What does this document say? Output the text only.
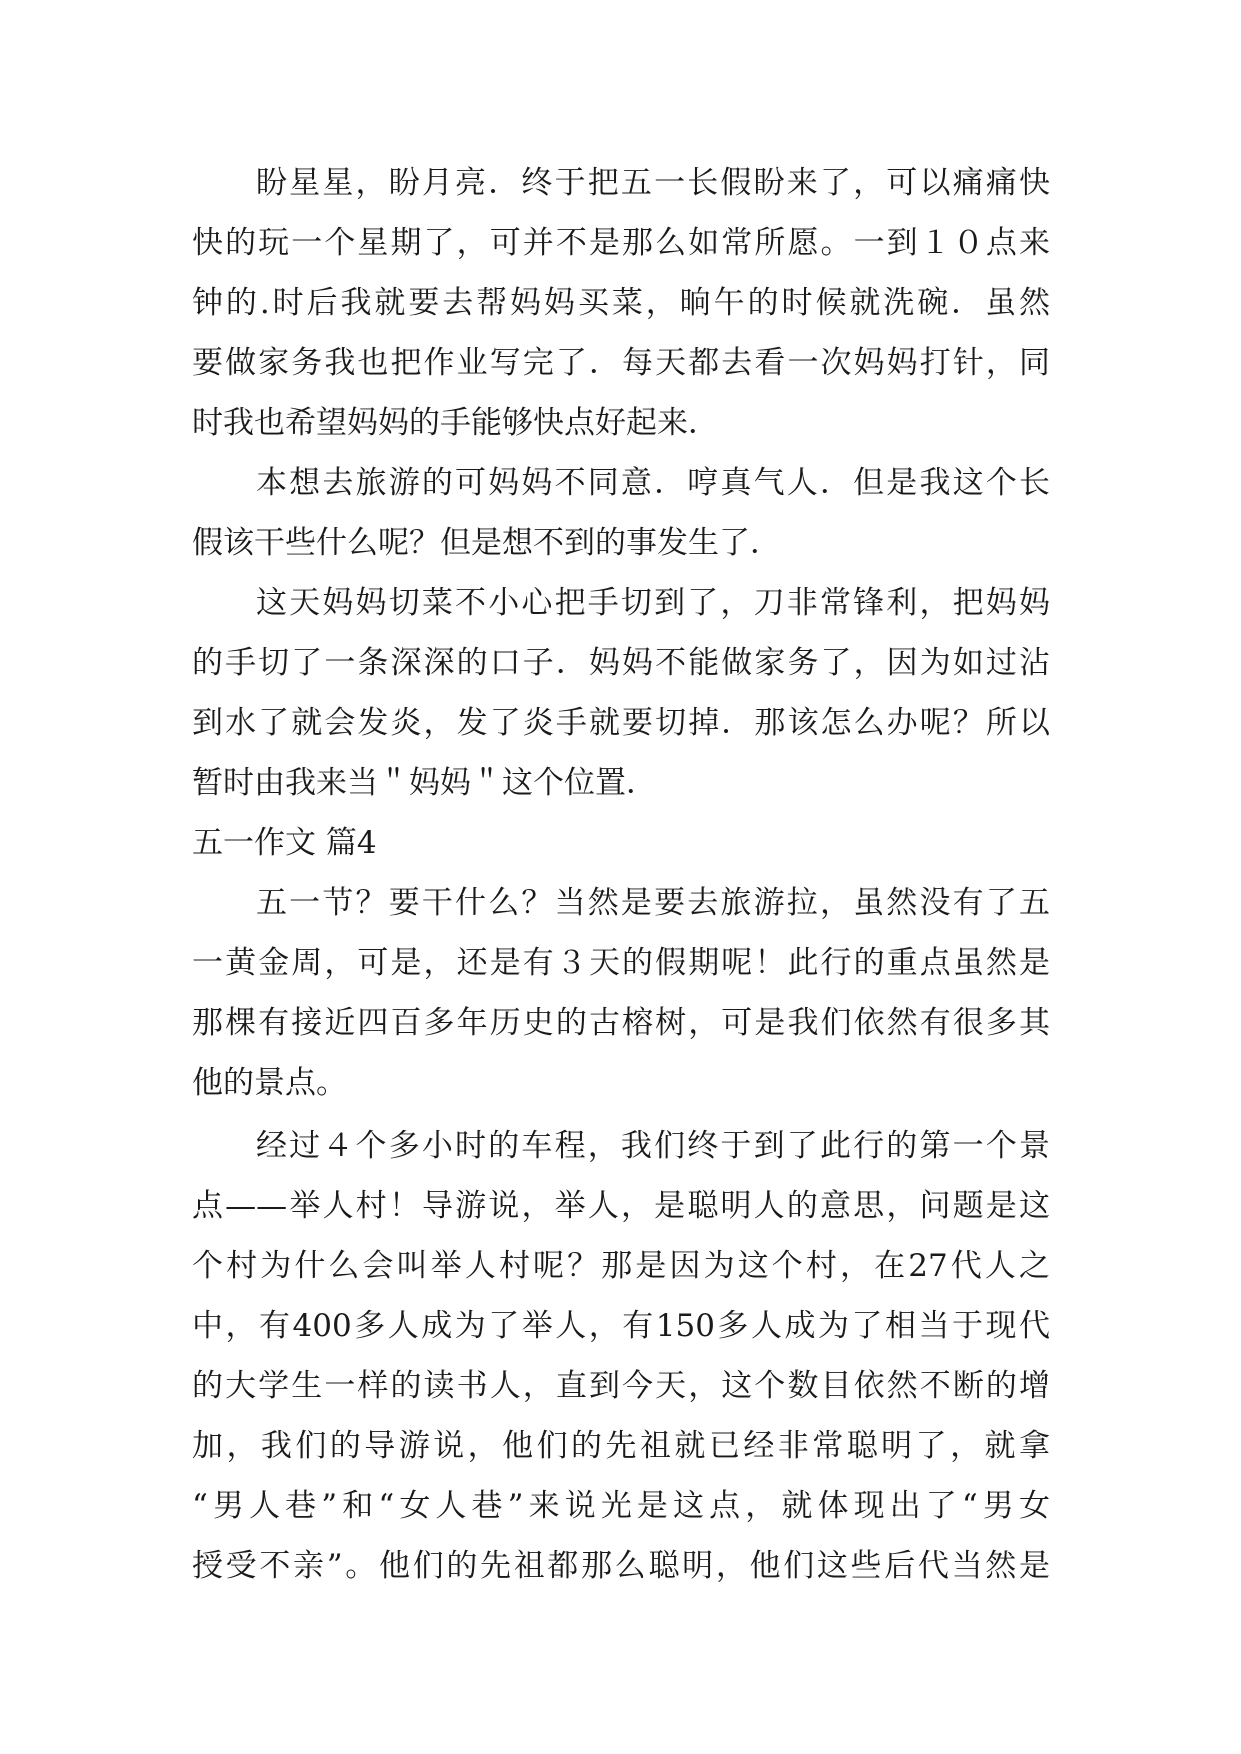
盼星星，盼月亮．终于把五一长假盼来了，可以痛痛快
快的玩一个星期了，可并不是那么如常所愿。一到１０点来
钟的.时后我就要去帮妈妈买菜，晌午的时候就洗碗．虽然
要做家务我也把作业写完了．每天都去看一次妈妈打针，同
时我也希望妈妈的手能够快点好起来．
本想去旅游的可妈妈不同意．哼真气人．但是我这个长
假该干些什么呢？但是想不到的事发生了．
这天妈妈切菜不小心把手切到了，刀非常锋利，把妈妈
的手切了一条深深的口子．妈妈不能做家务了，因为如过沾
到水了就会发炎，发了炎手就要切掉．那该怎么办呢？所以
暂时由我来当＂妈妈＂这个位置．
五一作文 篇4
五一节？要干什么？当然是要去旅游拉，虽然没有了五
一黄金周，可是，还是有３天的假期呢！此行的重点虽然是
那棵有接近四百多年历史的古榕树，可是我们依然有很多其
他的景点。
经过４个多小时的车程，我们终于到了此行的第一个景
点——举人村！导游说，举人，是聪明人的意思，问题是这
个村为什么会叫举人村呢？那是因为这个村，在27代人之
中，有400多人成为了举人，有150多人成为了相当于现代
的大学生一样的读书人，直到今天，这个数目依然不断的增
加，我们的导游说，他们的先祖就已经非常聪明了，就拿
“男人巷”和“女人巷”来说光是这点，就体现出了“男女
授受不亲”。他们的先祖都那么聪明，他们这些后代当然是
